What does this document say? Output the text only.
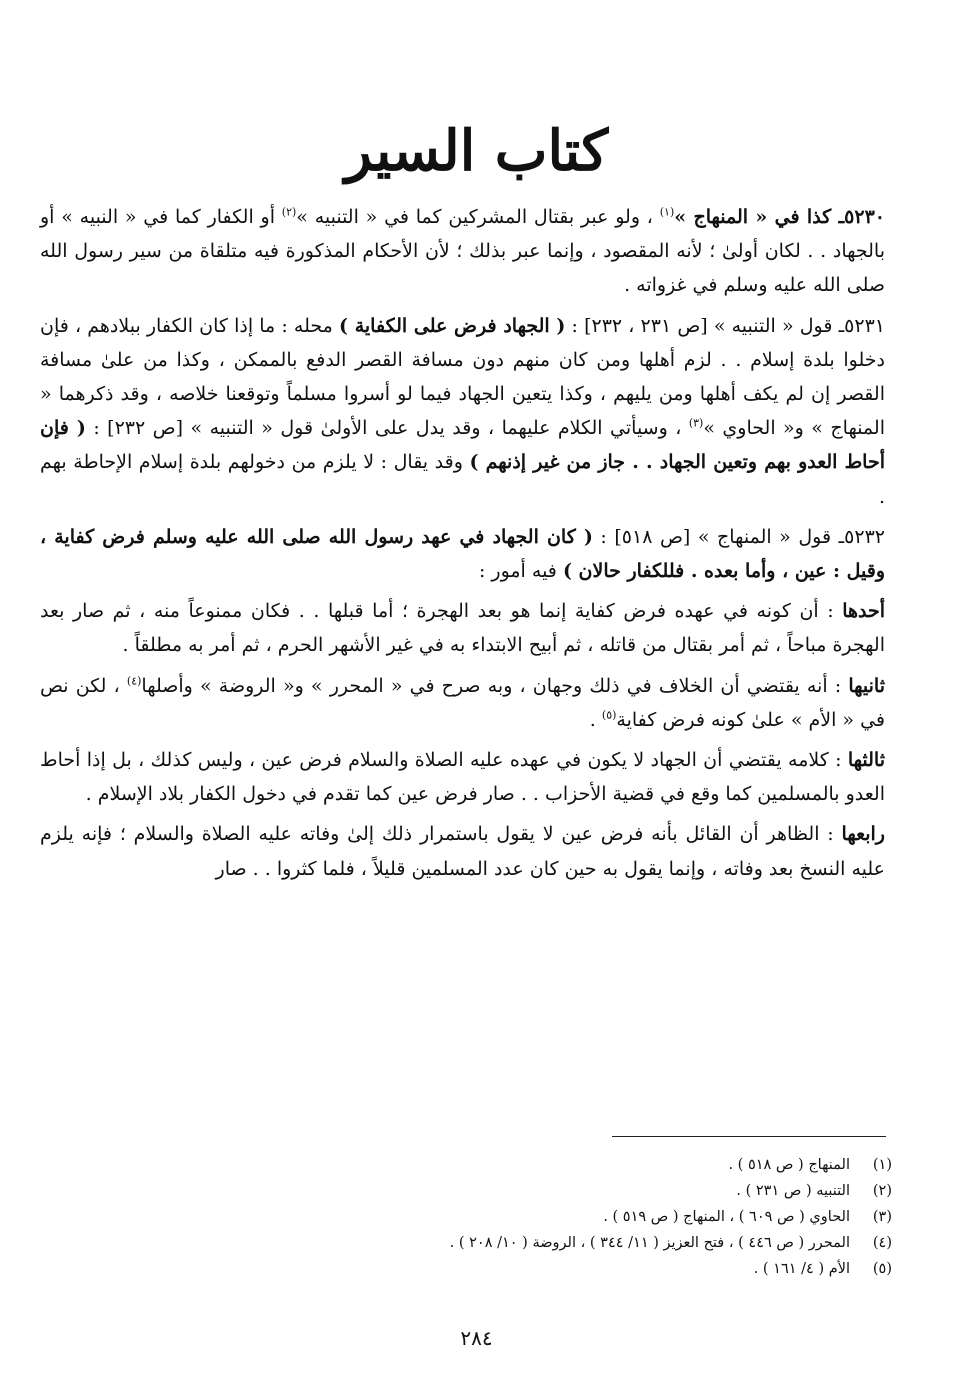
كتاب السير

٥٢٣٠ـ كذا في « المنهاج »$^{(١)}$ ، ولو عبر بقتال المشركين كما في « التنبيه »$^{(٢)}$ أو الكفار كما في « النبيه » أو بالجهاد . . لكان أولىٰ ؛ لأنه المقصود ، وإنما عبر بذلك ؛ لأن الأحكام المذكورة فيه متلقاة من سير رسول الله صلى الله عليه وسلم في غزواته .

٥٢٣١ـ قول « التنبيه » [ص ٢٣١ ، ٢٣٢] : ( الجهاد فرض على الكفاية ) محله : ما إذا كان الكفار ببلادهم ، فإن دخلوا بلدة إسلام . . لزم أهلها ومن كان منهم دون مسافة القصر الدفع بالممكن ، وكذا من علىٰ مسافة القصر إن لم يكف أهلها ومن يليهم ، وكذا يتعين الجهاد فيما لو أسروا مسلماً وتوقعنا خلاصه ، وقد ذكرهما « المنهاج » و« الحاوي »$^{(٣)}$ ، وسيأتي الكلام عليهما ، وقد يدل على الأولىٰ قول « التنبيه » [ص ٢٣٢] : ( فإن أحاط العدو بهم وتعين الجهاد . . جاز من غير إذنهم ) وقد يقال : لا يلزم من دخولهم بلدة إسلام الإحاطة بهم .

٥٢٣٢ـ قول « المنهاج » [ص ٥١٨] : ( كان الجهاد في عهد رسول الله صلى الله عليه وسلم فرض كفاية ، وقيل : عين ، وأما بعده . فللكفار حالان ) فيه أمور :

أحدها : أن كونه في عهده فرض كفاية إنما هو بعد الهجرة ؛ أما قبلها . . فكان ممنوعاً منه ، ثم صار بعد الهجرة مباحاً ، ثم أمر بقتال من قاتله ، ثم أبيح الابتداء به في غير الأشهر الحرم ، ثم أمر به مطلقاً .

ثانيها : أنه يقتضي أن الخلاف في ذلك وجهان ، وبه صرح في « المحرر » و« الروضة » وأصلها$^{(٤)}$ ، لكن نص في « الأم » علىٰ كونه فرض كفاية$^{(٥)}$ .

ثالثها : كلامه يقتضي أن الجهاد لا يكون في عهده عليه الصلاة والسلام فرض عين ، وليس كذلك ، بل إذا أحاط العدو بالمسلمين كما وقع في قضية الأحزاب . . صار فرض عين كما تقدم في دخول الكفار بلاد الإسلام .

رابعها : الظاهر أن القائل بأنه فرض عين لا يقول باستمرار ذلك إلىٰ وفاته عليه الصلاة والسلام ؛ فإنه يلزم عليه النسخ بعد وفاته ، وإنما يقول به حين كان عدد المسلمين قليلاً ، فلما كثروا . . صار

(١)المنهاج ( ص ٥١٨ ) .
(٢)التنبيه ( ص ٢٣١ ) .
(٣)الحاوي ( ص ٦٠٩ ) ، المنهاج ( ص ٥١٩ ) .
(٤)المحرر ( ص ٤٤٦ ) ، فتح العزيز ( ١١/ ٣٤٤ ) ، الروضة ( ١٠/ ٢٠٨ ) .
(٥)الأم ( ٤/ ١٦١ ) .
٢٨٤
